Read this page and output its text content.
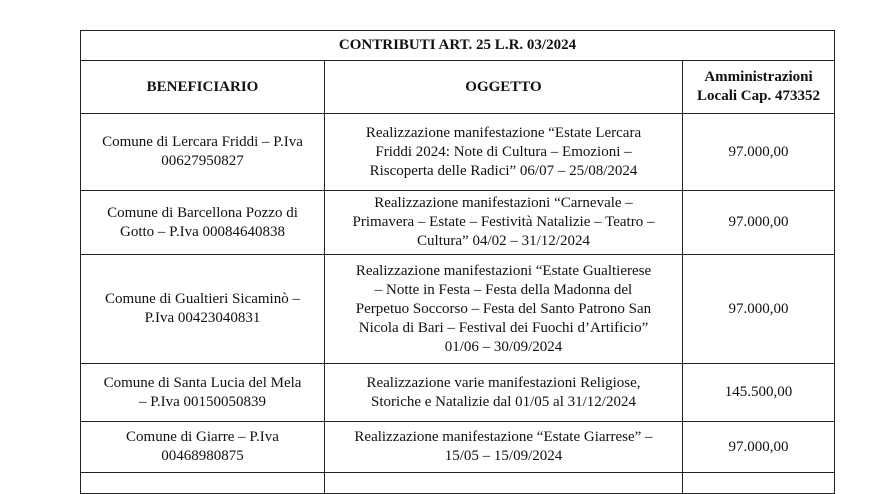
CONTRIBUTI ART. 25 L.R. 03/2024		
BENEFICIARIO	OGGETTO	Amministrazioni
Locali Cap. 473352

Comune di Lercara Friddi – P.Iva
00627950827	Realizzazione manifestazione “Estate Lercara
Friddi 2024: Note di Cultura – Emozioni –
Riscoperta delle Radici” 06/07 – 25/08/2024	97.000,00

Comune di Barcellona Pozzo di
Gotto – P.Iva 00084640838	Realizzazione manifestazioni “Carnevale –
Primavera – Estate – Festività Natalizie – Teatro –
Cultura” 04/02 – 31/12/2024	97.000,00

Comune di Gualtieri Sicaminò –
P.Iva 00423040831	Realizzazione manifestazioni “Estate Gualtierese
– Notte in Festa – Festa della Madonna del
Perpetuo Soccorso – Festa del Santo Patrono San
Nicola di Bari – Festival dei Fuochi d’Artificio”
01/06 – 30/09/2024	97.000,00

Comune di Santa Lucia del Mela
– P.Iva 00150050839	Realizzazione varie manifestazioni Religiose,
Storiche e Natalizie dal 01/05 al 31/12/2024	145.500,00

Comune di Giarre – P.Iva
00468980875	Realizzazione manifestazione “Estate Giarrese” –
15/05 – 15/09/2024	97.000,00
